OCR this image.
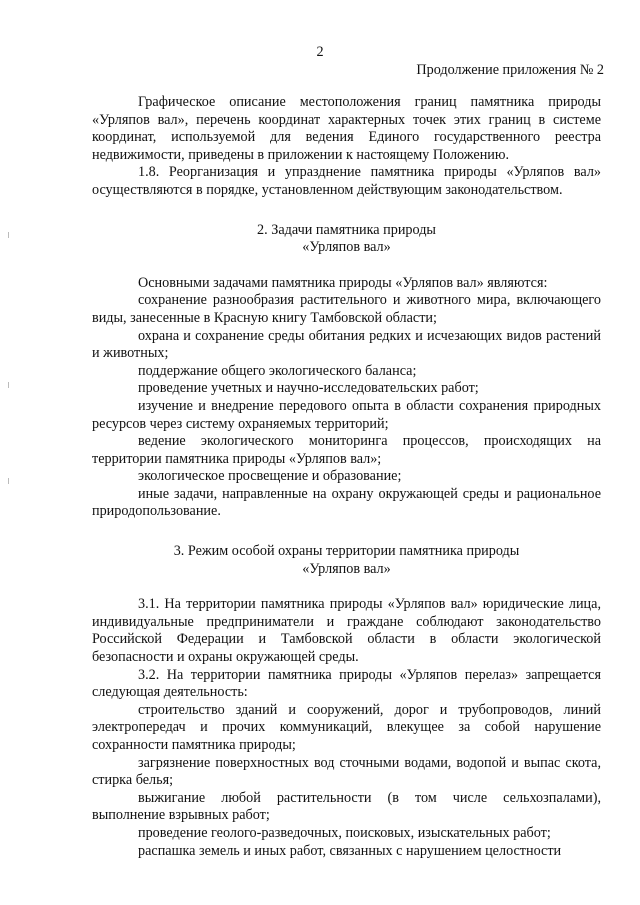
2
Продолжение приложения № 2

Графическое описание местоположения границ памятника природы «Урляпов вал», перечень координат характерных точек этих границ в системе координат, используемой для ведения Единого государственного реестра недвижимости, приведены в приложении к настоящему Положению.

1.8. Реорганизация и упразднение памятника природы «Урляпов вал» осуществляются в порядке, установленном действующим законодательством.

2. Задачи памятника природы
«Урляпов вал»

Основными задачами памятника природы «Урляпов вал» являются:

сохранение разнообразия растительного и животного мира, включающего виды, занесенные в Красную книгу Тамбовской области;

охрана и сохранение среды обитания редких и исчезающих видов растений и животных;

поддержание общего экологического баланса;

проведение учетных и научно-исследовательских работ;

изучение и внедрение передового опыта в области сохранения природных ресурсов через систему охраняемых территорий;

ведение экологического мониторинга процессов, происходящих на территории памятника природы «Урляпов вал»;

экологическое просвещение и образование;

иные задачи, направленные на охрану окружающей среды и рациональное природопользование.

3. Режим особой охраны территории памятника природы
«Урляпов вал»

3.1. На территории памятника природы «Урляпов вал» юридические лица, индивидуальные предприниматели и граждане соблюдают законодательство Российской Федерации и Тамбовской области в области экологической безопасности и охраны окружающей среды.

3.2. На территории памятника природы «Урляпов перелаз» запрещается следующая деятельность:

строительство зданий и сооружений, дорог и трубопроводов, линий электропередач и прочих коммуникаций, влекущее за собой нарушение сохранности памятника природы;

загрязнение поверхностных вод сточными водами, водопой и выпас скота, стирка белья;

выжигание любой растительности (в том числе сельхозпалами), выполнение взрывных работ;

проведение геолого-разведочных, поисковых, изыскательных работ;

распашка земель и иных работ, связанных с нарушением целостности
